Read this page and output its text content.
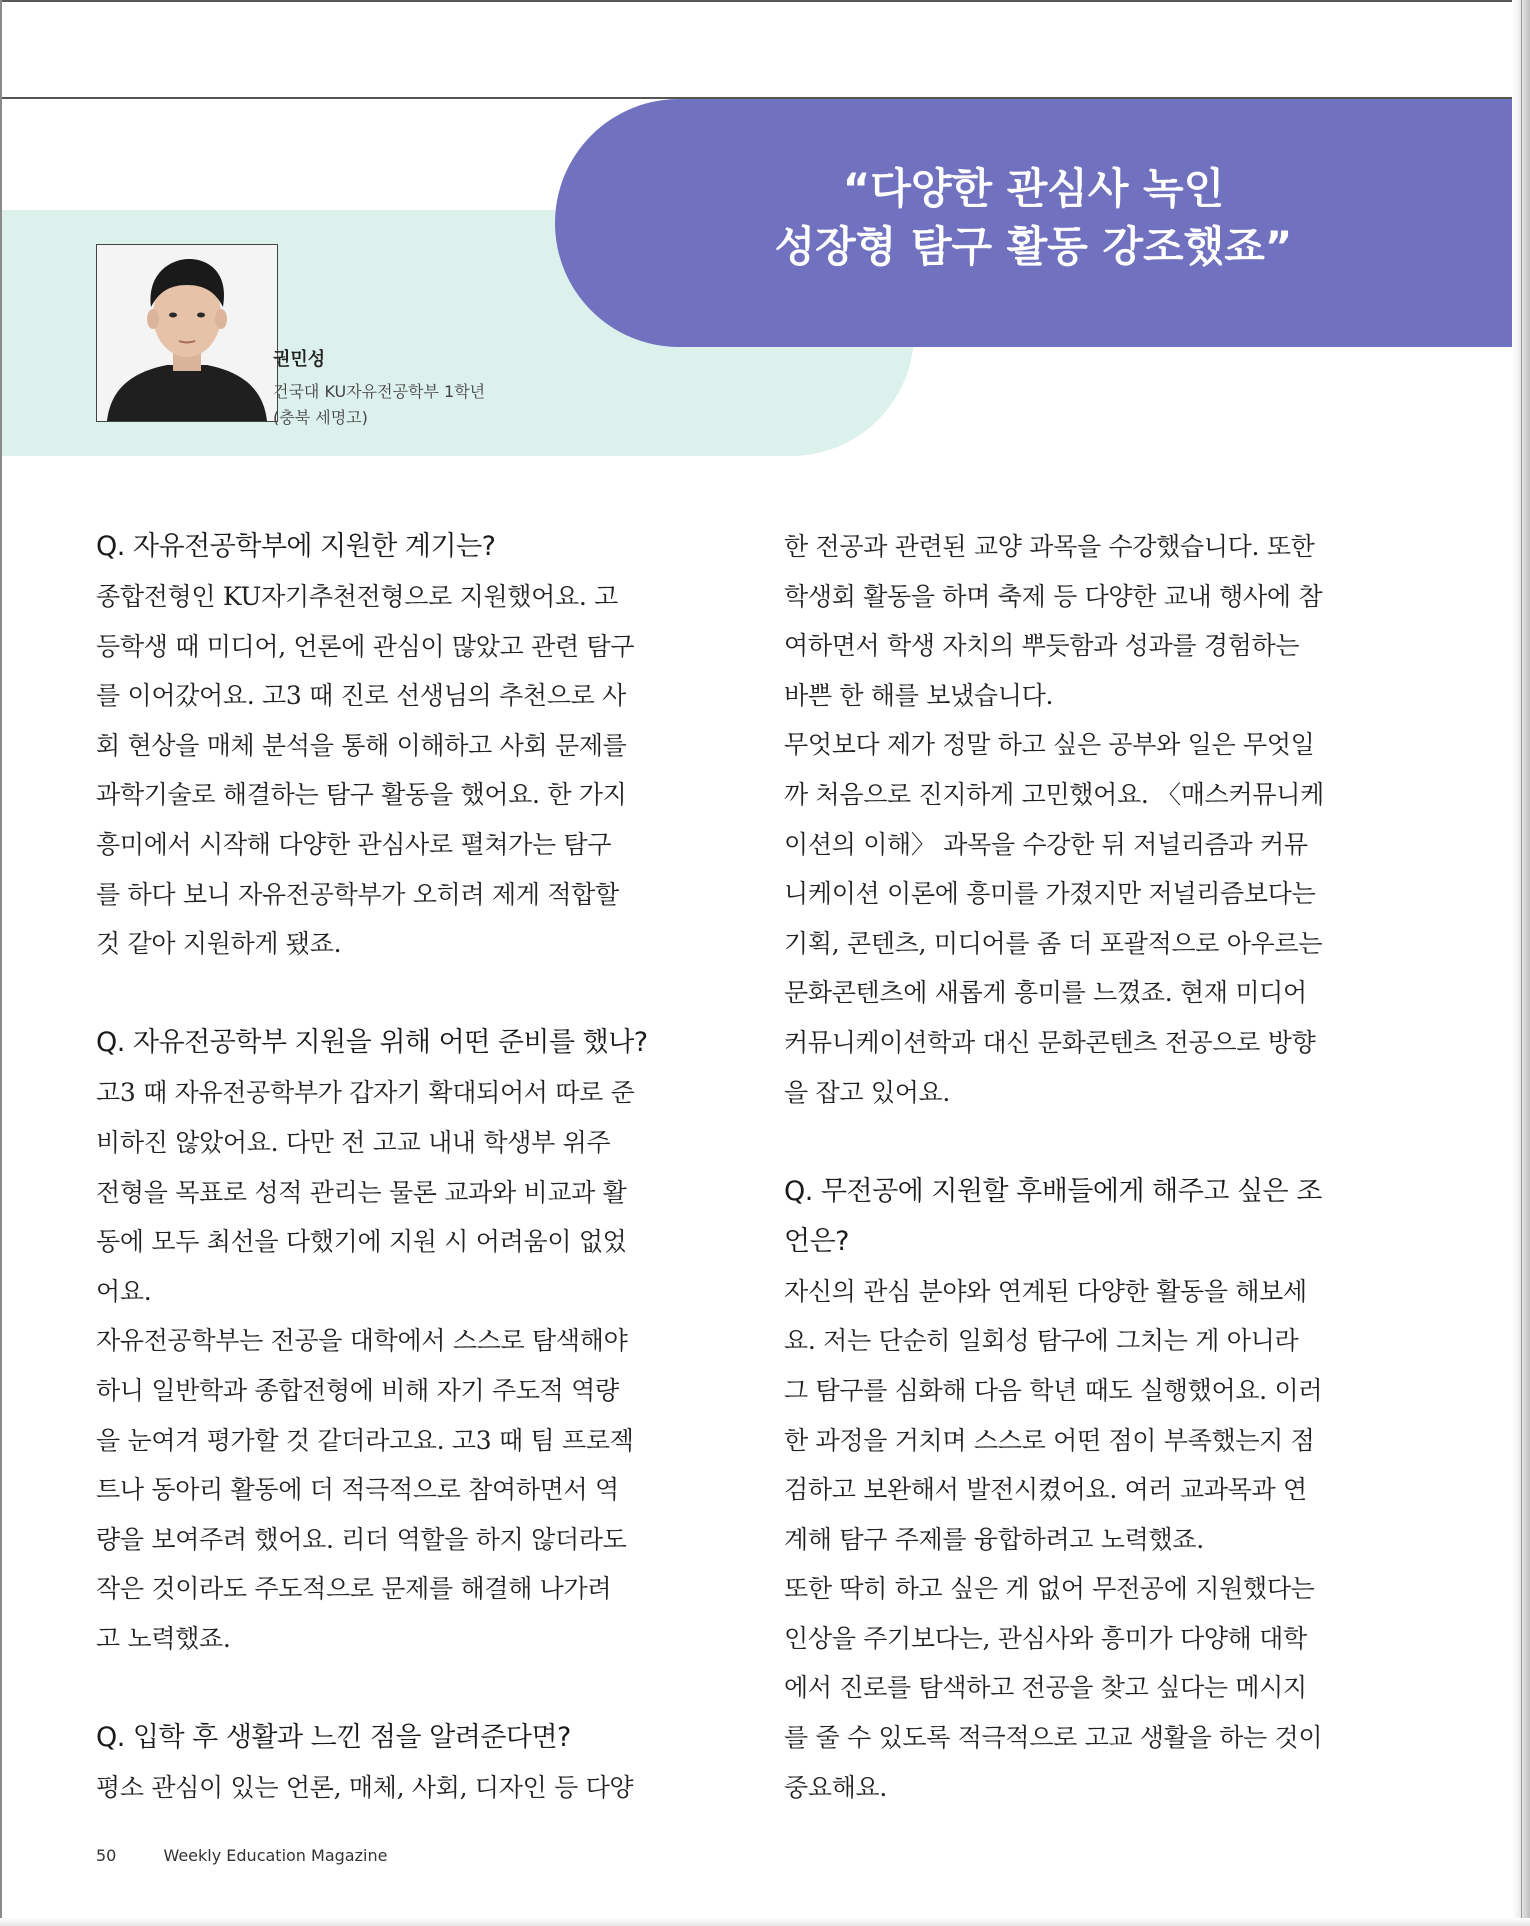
“다양한 관심사 녹인
성장형 탐구 활동 강조했죠”
권민성
건국대 KU자유전공학부 1학년
(충북 세명고)
Q. 자유전공학부에 지원한 계기는?
종합전형인 KU자기추천전형으로 지원했어요. 고
등학생 때 미디어, 언론에 관심이 많았고 관련 탐구
를 이어갔어요. 고3 때 진로 선생님의 추천으로 사
회 현상을 매체 분석을 통해 이해하고 사회 문제를
과학기술로 해결하는 탐구 활동을 했어요. 한 가지
흥미에서 시작해 다양한 관심사로 펼쳐가는 탐구
를 하다 보니 자유전공학부가 오히려 제게 적합할
것 같아 지원하게 됐죠.
Q. 자유전공학부 지원을 위해 어떤 준비를 했나?
고3 때 자유전공학부가 갑자기 확대되어서 따로 준
비하진 않았어요. 다만 전 고교 내내 학생부 위주
전형을 목표로 성적 관리는 물론 교과와 비교과 활
동에 모두 최선을 다했기에 지원 시 어려움이 없었
어요.
자유전공학부는 전공을 대학에서 스스로 탐색해야
하니 일반학과 종합전형에 비해 자기 주도적 역량
을 눈여겨 평가할 것 같더라고요. 고3 때 팀 프로젝
트나 동아리 활동에 더 적극적으로 참여하면서 역
량을 보여주려 했어요. 리더 역할을 하지 않더라도
작은 것이라도 주도적으로 문제를 해결해 나가려
고 노력했죠.
Q. 입학 후 생활과 느낀 점을 알려준다면?
평소 관심이 있는 언론, 매체, 사회, 디자인 등 다양
한 전공과 관련된 교양 과목을 수강했습니다. 또한
학생회 활동을 하며 축제 등 다양한 교내 행사에 참
여하면서 학생 자치의 뿌듯함과 성과를 경험하는
바쁜 한 해를 보냈습니다.
무엇보다 제가 정말 하고 싶은 공부와 일은 무엇일
까 처음으로 진지하게 고민했어요. 〈매스커뮤니케
이션의 이해〉 과목을 수강한 뒤 저널리즘과 커뮤
니케이션 이론에 흥미를 가졌지만 저널리즘보다는
기획, 콘텐츠, 미디어를 좀 더 포괄적으로 아우르는
문화콘텐츠에 새롭게 흥미를 느꼈죠. 현재 미디어
커뮤니케이션학과 대신 문화콘텐츠 전공으로 방향
을 잡고 있어요.
Q. 무전공에 지원할 후배들에게 해주고 싶은 조
언은?
자신의 관심 분야와 연계된 다양한 활동을 해보세
요. 저는 단순히 일회성 탐구에 그치는 게 아니라
그 탐구를 심화해 다음 학년 때도 실행했어요. 이러
한 과정을 거치며 스스로 어떤 점이 부족했는지 점
검하고 보완해서 발전시켰어요. 여러 교과목과 연
계해 탐구 주제를 융합하려고 노력했죠.
또한 딱히 하고 싶은 게 없어 무전공에 지원했다는
인상을 주기보다는, 관심사와 흥미가 다양해 대학
에서 진로를 탐색하고 전공을 찾고 싶다는 메시지
를 줄 수 있도록 적극적으로 고교 생활을 하는 것이
중요해요.
50	Weekly Education Magazine
